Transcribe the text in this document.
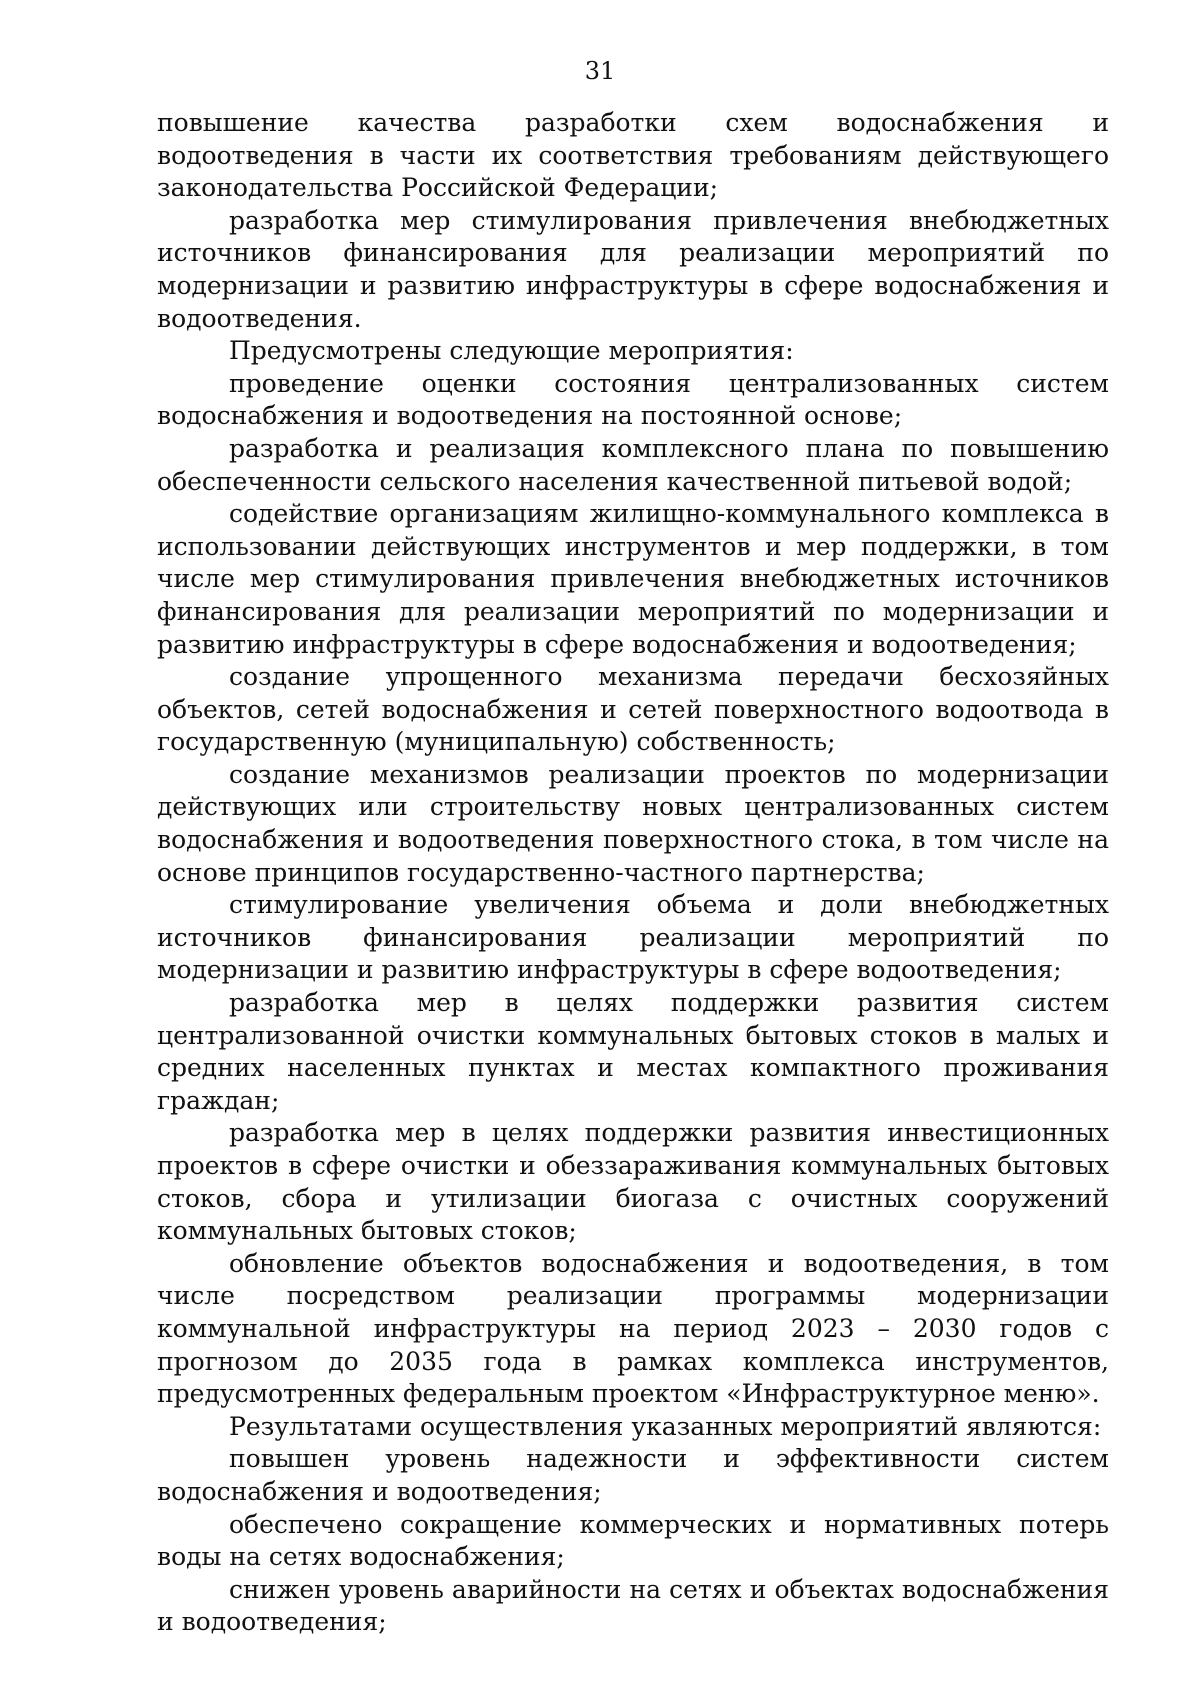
31

повышение качества разработки схем водоснабжения и водоотведения в части их соответствия требованиям действующего законодательства Российской Федерации;

разработка мер стимулирования привлечения внебюджетных источников финансирования для реализации мероприятий по модернизации и развитию инфраструктуры в сфере водоснабжения и водоотведения.

Предусмотрены следующие мероприятия:

проведение оценки состояния централизованных систем водоснабжения и водоотведения на постоянной основе;

разработка и реализация комплексного плана по повышению обеспеченности сельского населения качественной питьевой водой;

содействие организациям жилищно-коммунального комплекса в использовании действующих инструментов и мер поддержки, в том числе мер стимулирования привлечения внебюджетных источников финансирования для реализации мероприятий по модернизации и развитию инфраструктуры в сфере водоснабжения и водоотведения;

создание упрощенного механизма передачи бесхозяйных объектов, сетей водоснабжения и сетей поверхностного водоотвода в государственную (муниципальную) собственность;

создание механизмов реализации проектов по модернизации действующих или строительству новых централизованных систем водоснабжения и водоотведения поверхностного стока, в том числе на основе принципов государственно-частного партнерства;

стимулирование увеличения объема и доли внебюджетных источников финансирования реализации мероприятий по модернизации и развитию инфраструктуры в сфере водоотведения;

разработка мер в целях поддержки развития систем централизованной очистки коммунальных бытовых стоков в малых и средних населенных пунктах и местах компактного проживания граждан;

разработка мер в целях поддержки развития инвестиционных проектов в сфере очистки и обеззараживания коммунальных бытовых стоков, сбора и утилизации биогаза с очистных сооружений коммунальных бытовых стоков;

обновление объектов водоснабжения и водоотведения, в том числе посредством реализации программы модернизации коммунальной инфраструктуры на период 2023 – 2030 годов с прогнозом до 2035 года в рамках комплекса инструментов, предусмотренных федеральным проектом «Инфраструктурное меню».

Результатами осуществления указанных мероприятий являются:

повышен уровень надежности и эффективности систем водоснабжения и водоотведения;

обеспечено сокращение коммерческих и нормативных потерь воды на сетях водоснабжения;

снижен уровень аварийности на сетях и объектах водоснабжения и водоотведения;
